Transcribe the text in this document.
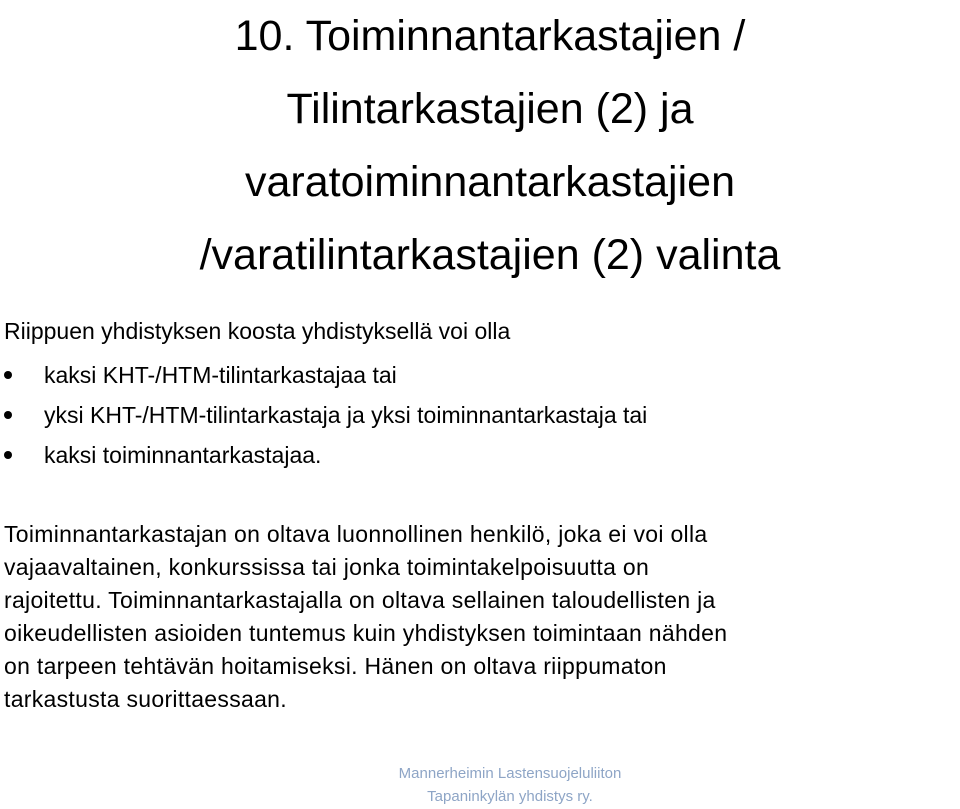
10. Toiminnantarkastajien /
Tilintarkastajien (2) ja
varatoiminnantarkastajien
/varatilintarkastajien (2) valinta

Riippuen yhdistyksen koosta yhdistyksellä voi olla

kaksi KHT-/HTM-tilintarkastajaa tai
yksi KHT-/HTM-tilintarkastaja ja yksi toiminnantarkastaja tai
kaksi toiminnantarkastajaa.

Toiminnantarkastajan on oltava luonnollinen henkilö, joka ei voi olla
vajaavaltainen, konkurssissa tai jonka toimintakelpoisuutta on
rajoitettu. Toiminnantarkastajalla on oltava sellainen taloudellisten ja
oikeudellisten asioiden tuntemus kuin yhdistyksen toimintaan nähden
on tarpeen tehtävän hoitamiseksi. Hänen on oltava riippumaton
tarkastusta suorittaessaan.

Mannerheimin Lastensuojeluliiton
Tapaninkylän yhdistys ry.
